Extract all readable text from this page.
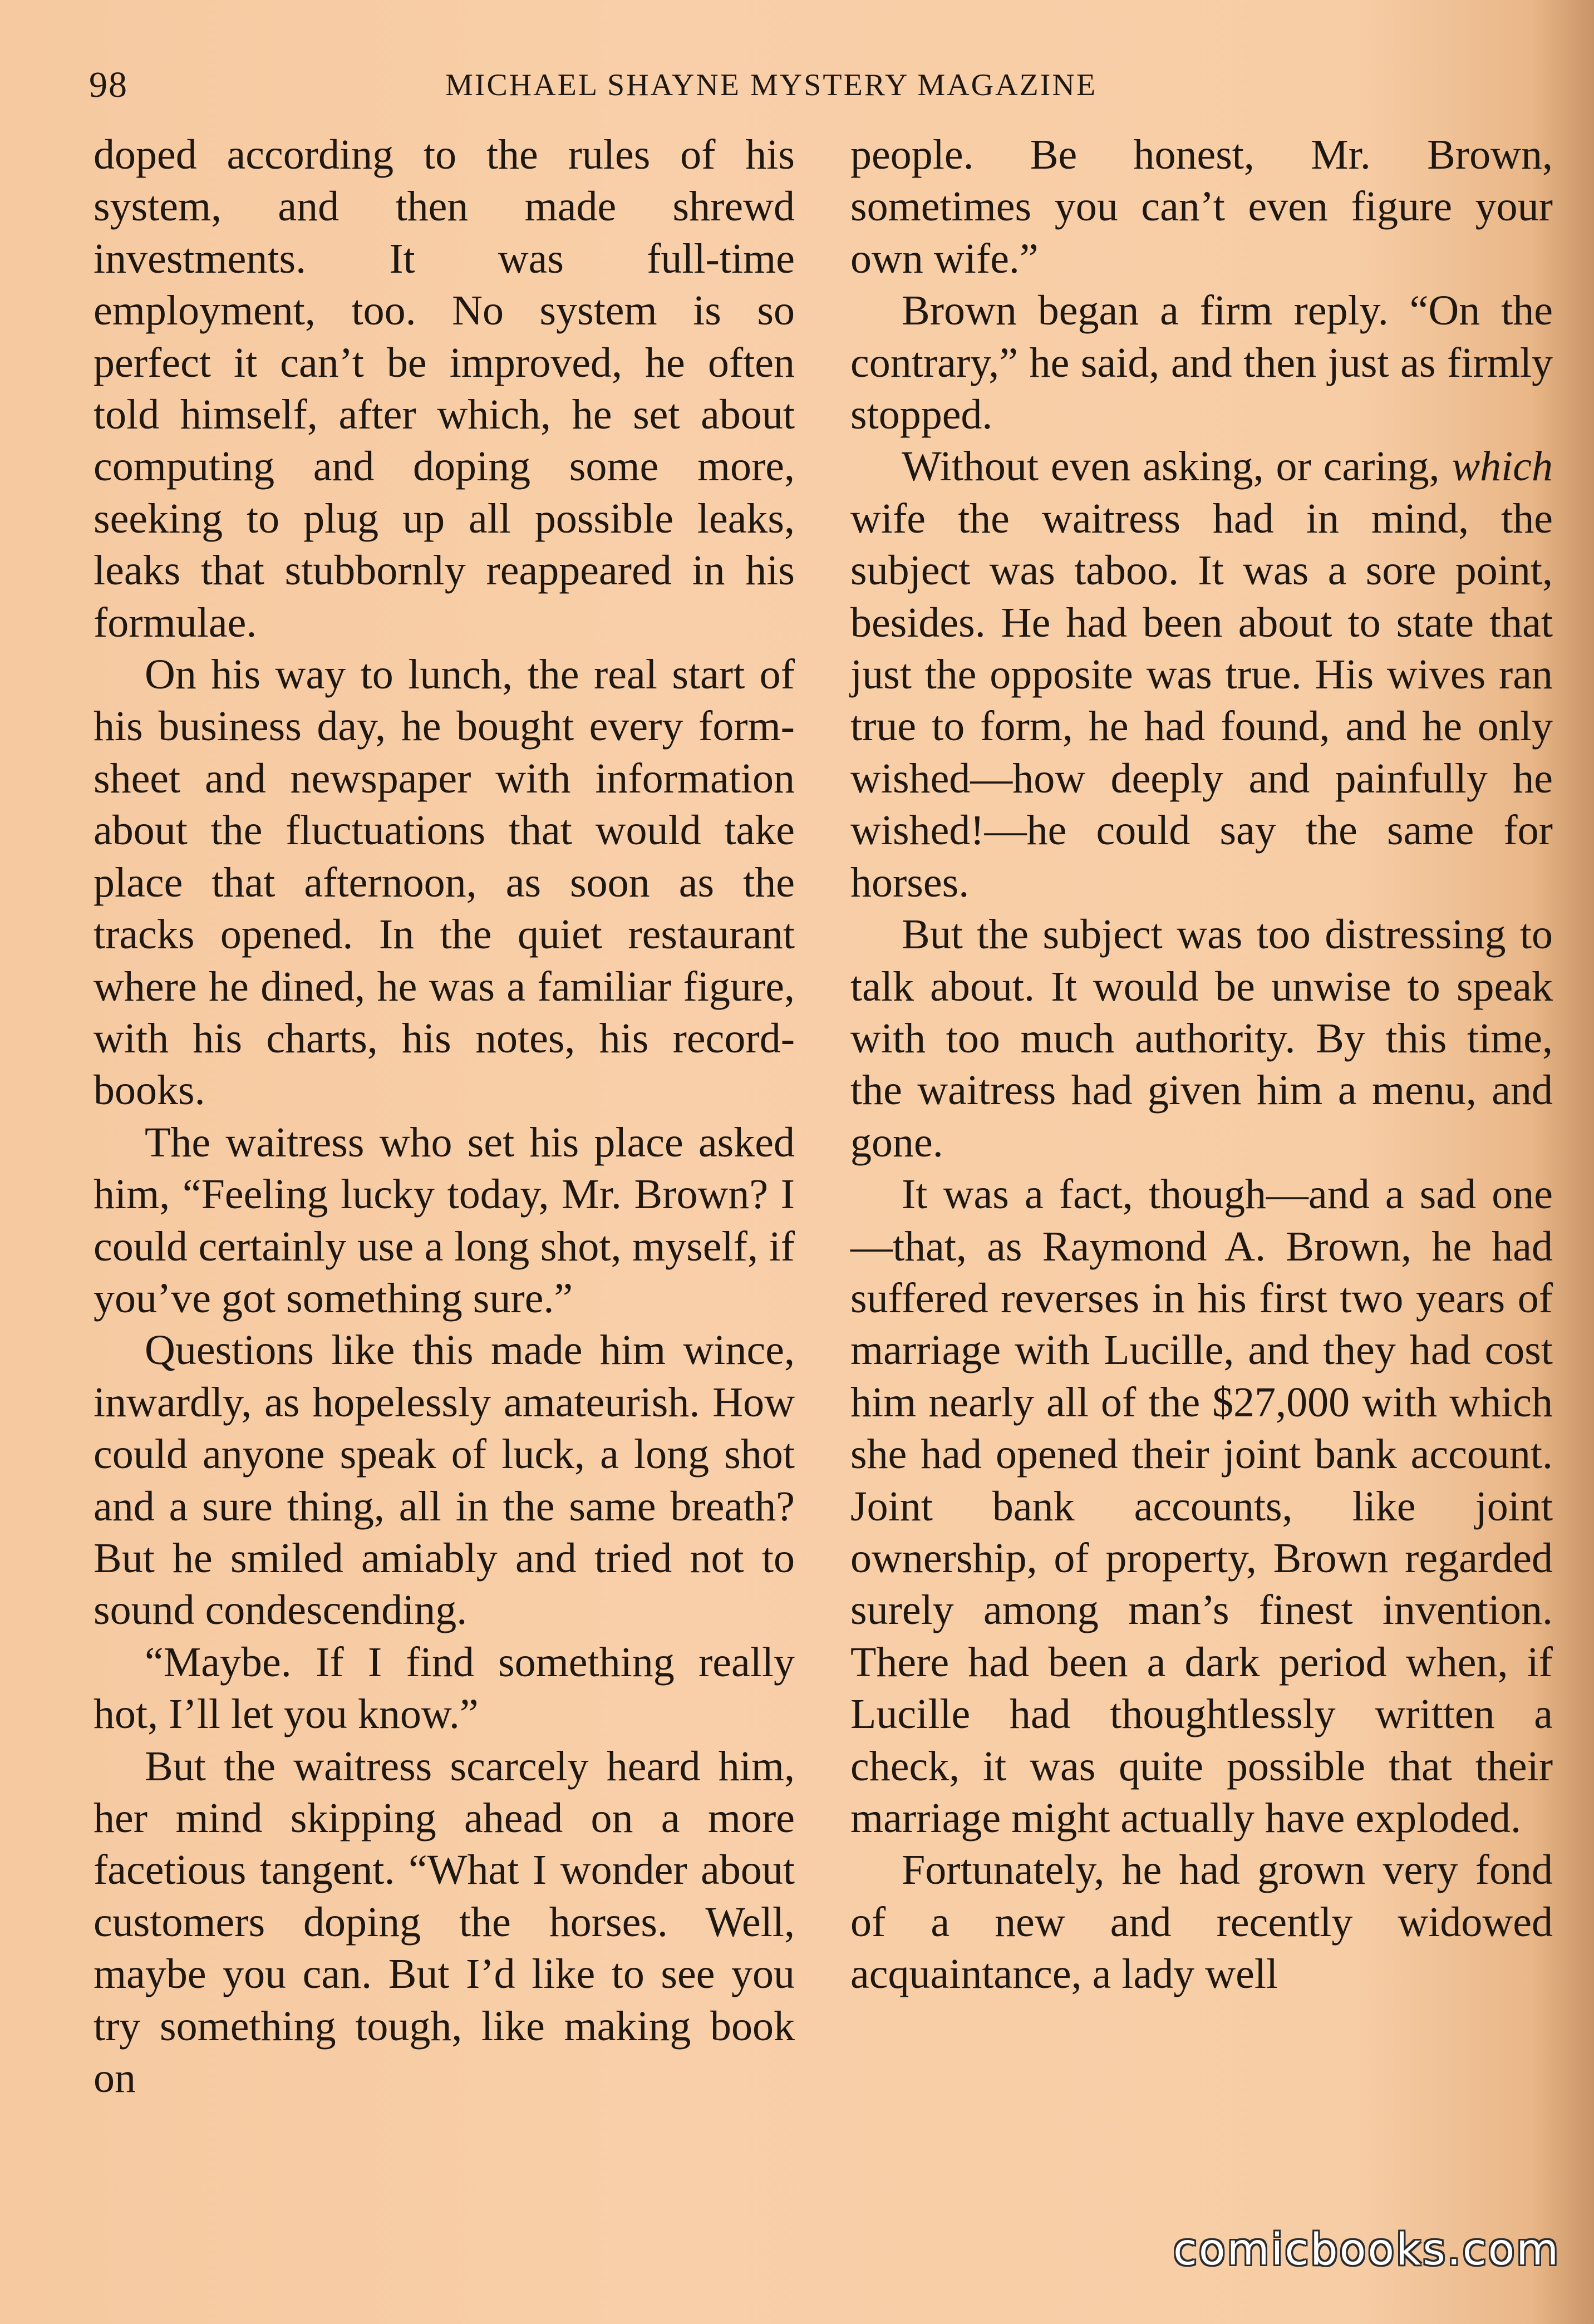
98	MICHAEL SHAYNE MYSTERY MAGAZINE

doped according to the rules of his system, and then made shrewd investments. It was full-time employment, too. No system is so perfect it can’t be improved, he often told himself, after which, he set about computing and doping some more, seeking to plug up all possible leaks, leaks that stubbornly reappeared in his formulae.

On his way to lunch, the real start of his business day, he bought every form-sheet and newspaper with information about the fluctuations that would take place that afternoon, as soon as the tracks opened. In the quiet restaurant where he dined, he was a familiar figure, with his charts, his notes, his record-books.

The waitress who set his place asked him, “Feeling lucky today, Mr. Brown? I could certainly use a long shot, myself, if you’ve got something sure.”

Questions like this made him wince, inwardly, as hopelessly amateurish. How could anyone speak of luck, a long shot and a sure thing, all in the same breath? But he smiled amiably and tried not to sound condescending.

“Maybe. If I find something really hot, I’ll let you know.”

But the waitress scarcely heard him, her mind skipping ahead on a more facetious tangent. “What I wonder about customers doping the horses. Well, maybe you can. But I’d like to see you try something tough, like making book on

people. Be honest, Mr. Brown, sometimes you can’t even figure your own wife.”

Brown began a firm reply. “On the contrary,” he said, and then just as firmly stopped.

Without even asking, or caring, which wife the waitress had in mind, the subject was taboo. It was a sore point, besides. He had been about to state that just the opposite was true. His wives ran true to form, he had found, and he only wished—how deeply and painfully he wished!—he could say the same for horses.

But the subject was too distressing to talk about. It would be unwise to speak with too much authority. By this time, the waitress had given him a menu, and gone.

It was a fact, though—and a sad one—that, as Raymond A. Brown, he had suffered reverses in his first two years of marriage with Lucille, and they had cost him nearly all of the $27,000 with which she had opened their joint bank account. Joint bank accounts, like joint ownership, of property, Brown regarded surely among man’s finest invention. There had been a dark period when, if Lucille had thoughtlessly written a check, it was quite possible that their marriage might actually have exploded.

Fortunately, he had grown very fond of a new and recently widowed acquaintance, a lady well

comicbooks.com
